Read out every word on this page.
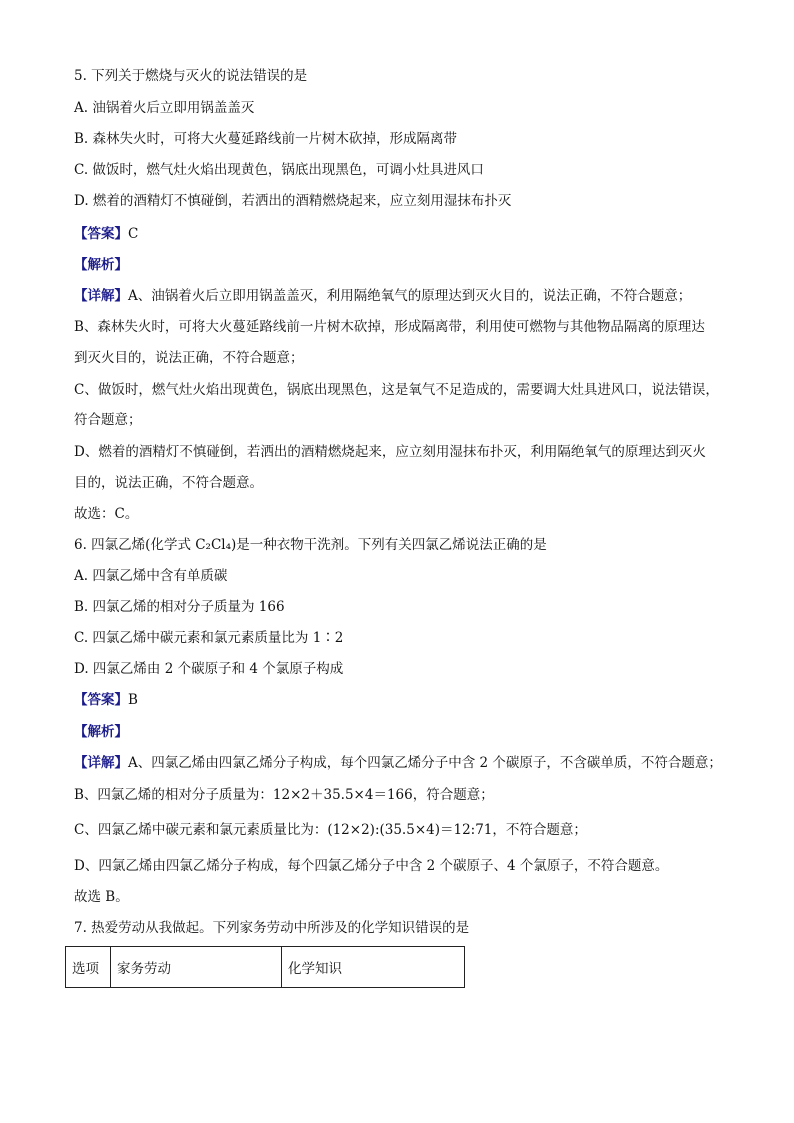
5. 下列关于燃烧与灭火的说法错误的是
A. 油锅着火后立即用锅盖盖灭
B. 森林失火时，可将大火蔓延路线前一片树木砍掉，形成隔离带
C. 做饭时，燃气灶火焰出现黄色，锅底出现黑色，可调小灶具进风口
D. 燃着的酒精灯不慎碰倒，若洒出的酒精燃烧起来，应立刻用湿抹布扑灭
【答案】C
【解析】
【详解】A、油锅着火后立即用锅盖盖灭，利用隔绝氧气的原理达到灭火目的，说法正确，不符合题意；
B、森林失火时，可将大火蔓延路线前一片树木砍掉，形成隔离带，利用使可燃物与其他物品隔离的原理达
到灭火目的，说法正确，不符合题意；
C、做饭时，燃气灶火焰出现黄色，锅底出现黑色，这是氧气不足造成的，需要调大灶具进风口，说法错误，
符合题意；
D、燃着的酒精灯不慎碰倒，若洒出的酒精燃烧起来，应立刻用湿抹布扑灭，利用隔绝氧气的原理达到灭火
目的，说法正确，不符合题意。
故选：C。
6. 四氯乙烯(化学式 C₂Cl₄)是一种衣物干洗剂。下列有关四氯乙烯说法正确的是
A. 四氯乙烯中含有单质碳
B. 四氯乙烯的相对分子质量为 166
C. 四氯乙烯中碳元素和氯元素质量比为 1∶2
D. 四氯乙烯由 2 个碳原子和 4 个氯原子构成
【答案】B
【解析】
【详解】A、四氯乙烯由四氯乙烯分子构成，每个四氯乙烯分子中含 2 个碳原子，不含碳单质，不符合题意；
B、四氯乙烯的相对分子质量为：12×2＋35.5×4＝166，符合题意；
C、四氯乙烯中碳元素和氯元素质量比为：(12×2):(35.5×4)＝12:71，不符合题意；
D、四氯乙烯由四氯乙烯分子构成，每个四氯乙烯分子中含 2 个碳原子、4 个氯原子，不符合题意。
故选 B。
7. 热爱劳动从我做起。下列家务劳动中所涉及的化学知识错误的是
选项	家务劳动	化学知识
